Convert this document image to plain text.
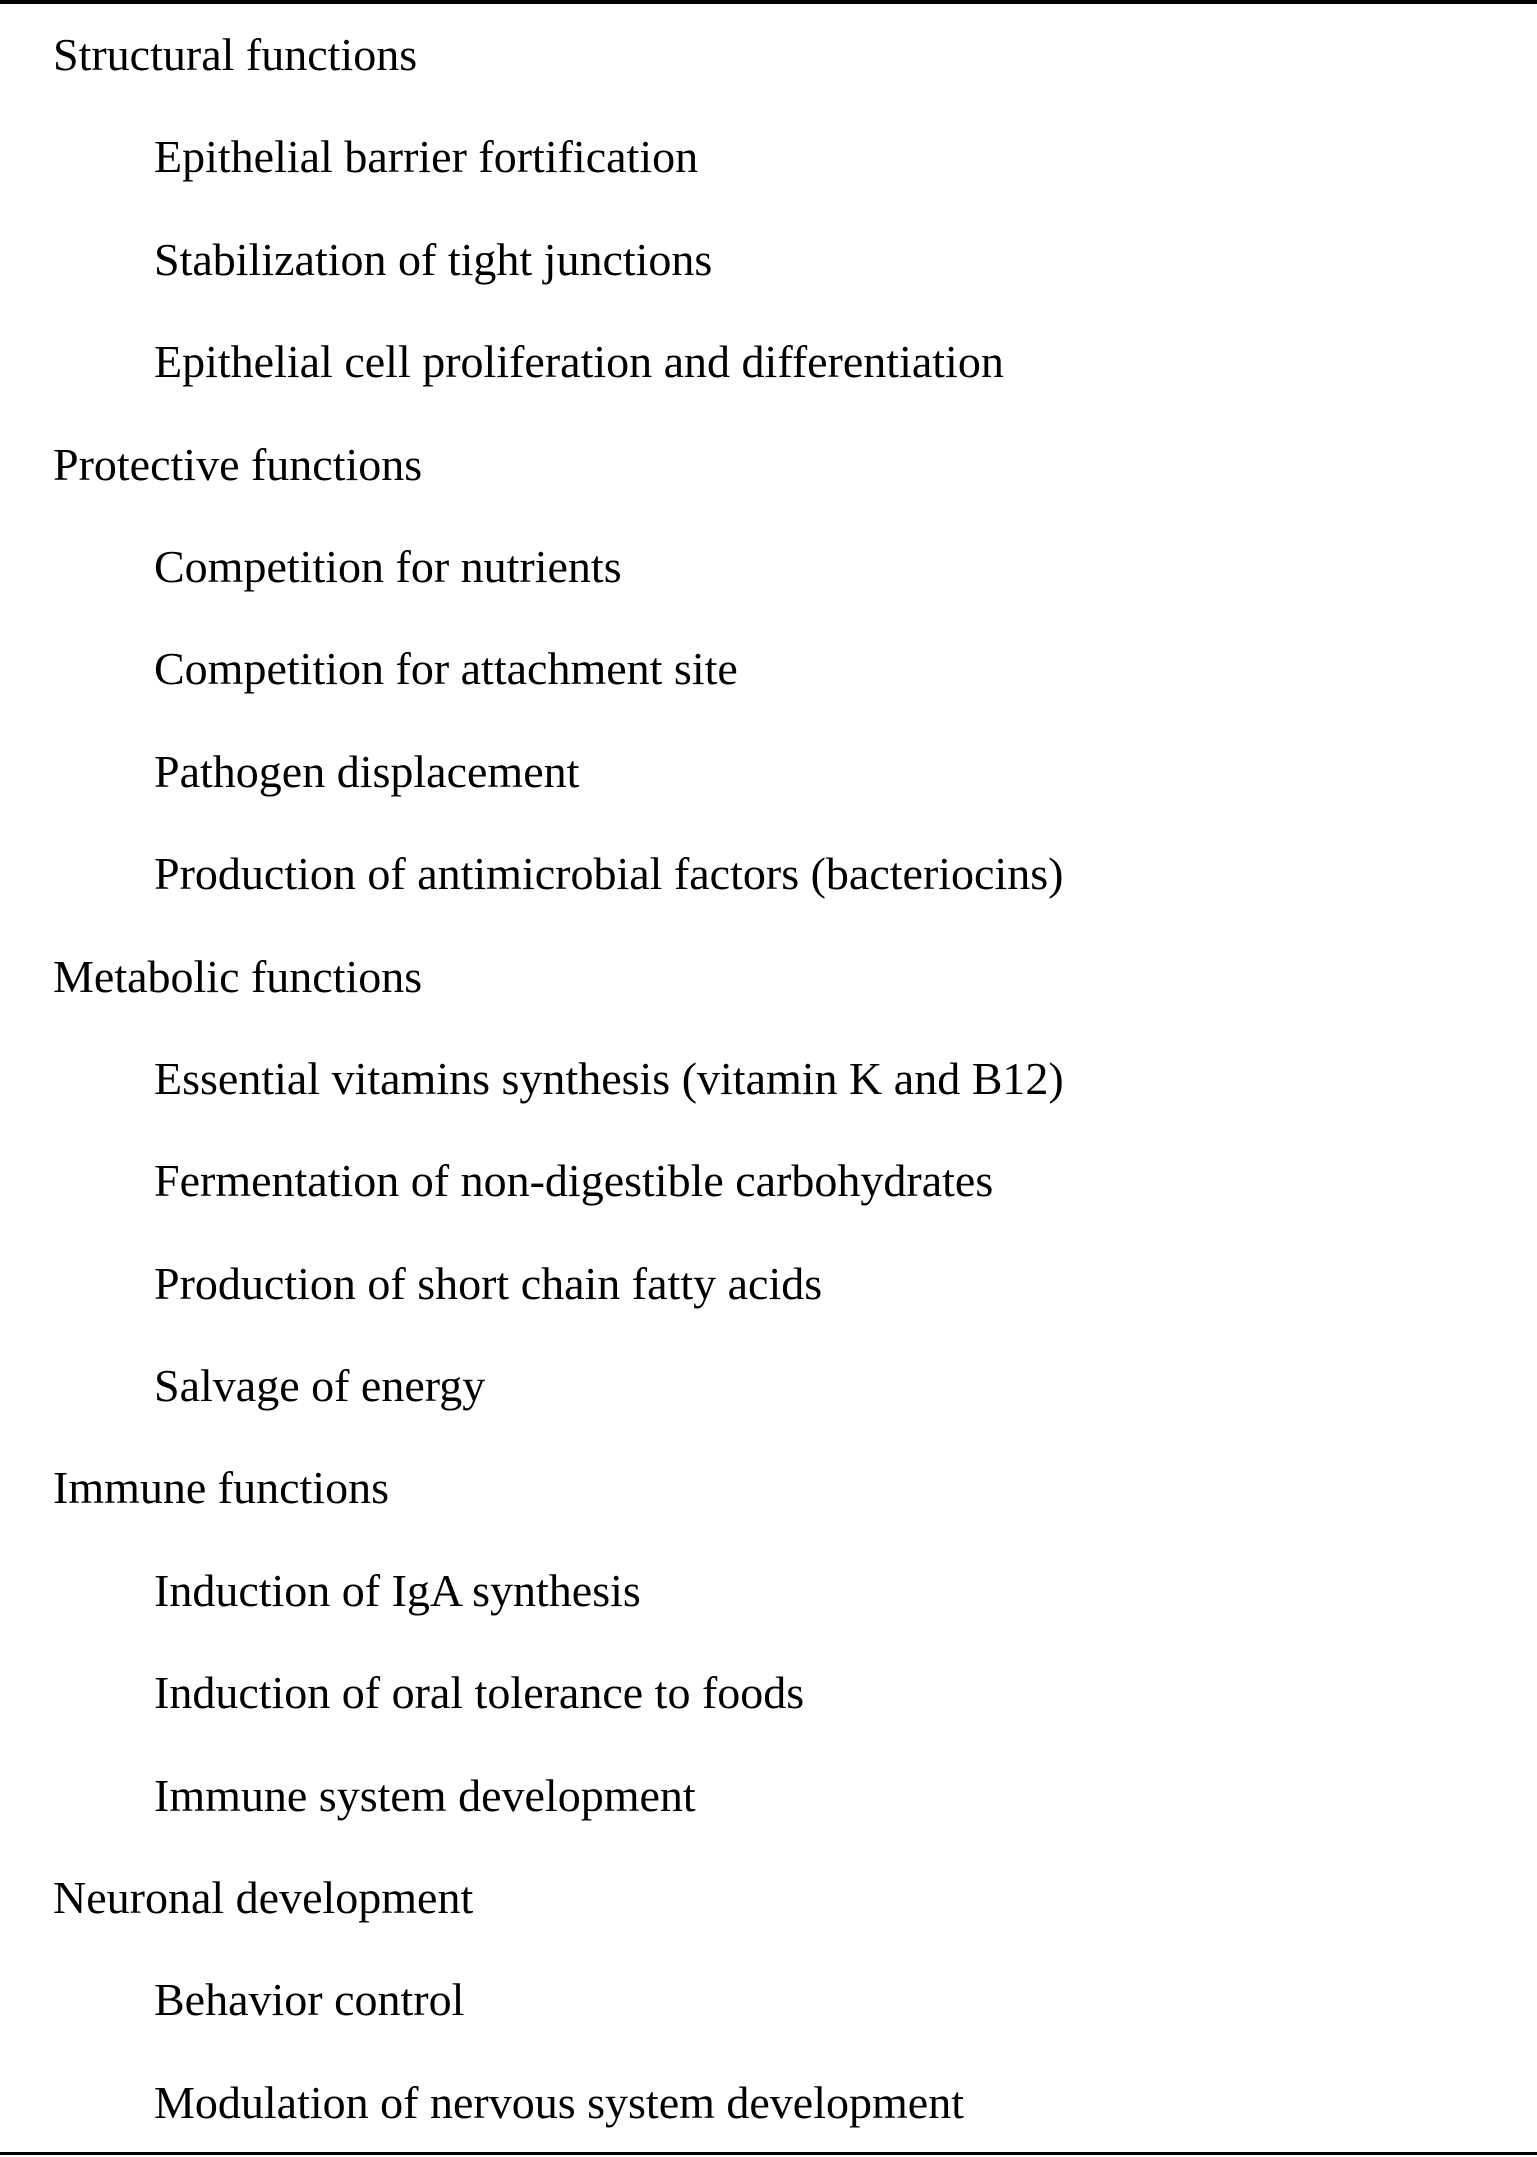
Structural functions
Epithelial barrier fortification
Stabilization of tight junctions
Epithelial cell proliferation and differentiation
Protective functions
Competition for nutrients
Competition for attachment site
Pathogen displacement
Production of antimicrobial factors (bacteriocins)
Metabolic functions
Essential vitamins synthesis (vitamin K and B12)
Fermentation of non-digestible carbohydrates
Production of short chain fatty acids
Salvage of energy
Immune functions
Induction of IgA synthesis
Induction of oral tolerance to foods
Immune system development
Neuronal development
Behavior control
Modulation of nervous system development
